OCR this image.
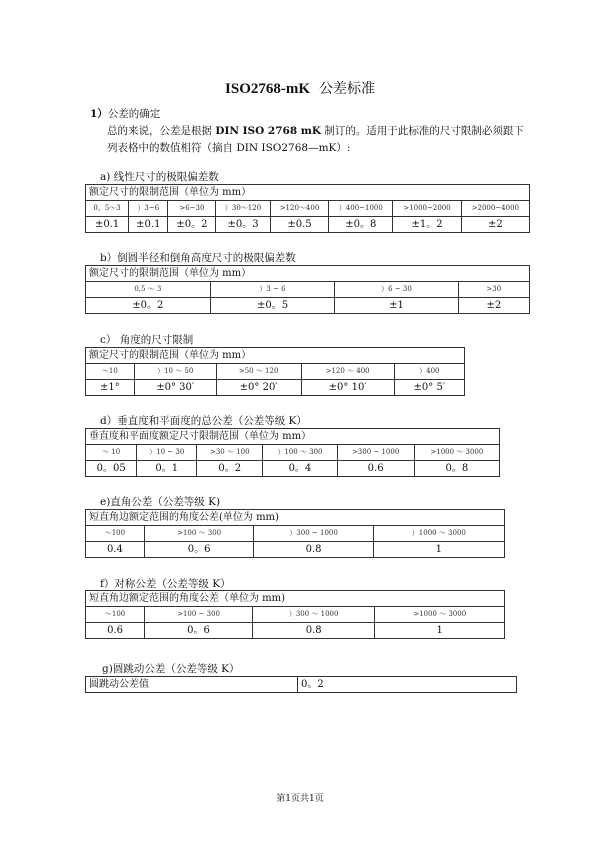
ISO2768-mK 公差标准
1）公差的确定
总的来说，公差是根据 DIN ISO 2768 mK 制订的。适用于此标准的尺寸限制必须跟下
列表格中的数值相符（摘自 DIN ISO2768—mK）:
a) 线性尺寸的极限偏差数
额定尺寸的限制范围（单位为 mm）							
0。5～3	）3~6	>6~30	）30～120	>120～400	）400~1000	>1000~2000	>2000~4000
±0.1	±0.1	±0。2	±0。3	±0.5	±0。8	±1。2	±2
b）倒圆半径和倒角高度尺寸的极限偏差数
额定尺寸的限制范围（单位为 mm）			
0,5 ～ 3	）3 ~ 6	）6 ~ 30	>30
±0。2	±0。5	±1	±2
c） 角度的尺寸限制
额定尺寸的限制范围（单位为 mm）				
～10	）10 ～ 50	>50 ～ 120	>120 ～ 400	）400
±1°	±0° 30′	±0° 20′	±0° 10′	±0° 5′
d）垂直度和平面度的总公差（公差等级 K）
垂直度和平面度额定尺寸限制范围（单位为 mm）					
～ 10	）10 ~ 30	>30 ～ 100	）100 ～ 300	>300 ~ 1000	>1000 ～ 3000
0。05	0。1	0。2	0。4	0.6	0。8
e)直角公差（公差等级 K)
短直角边额定范围的角度公差(单位为 mm)			
～100	>100 ～ 300	）300 ~ 1000	）1000 ～ 3000
0.4	0。6	0.8	1
f）对称公差（公差等级 K）
短直角边额定范围的角度公差（单位为 mm)			
～100	>100 ~ 300	）300 ～ 1000	>1000 ～ 3000
0.6	0。6	0.8	1
g)圆跳动公差（公差等级 K）
圆跳动公差值	0。2
第1页共1页
